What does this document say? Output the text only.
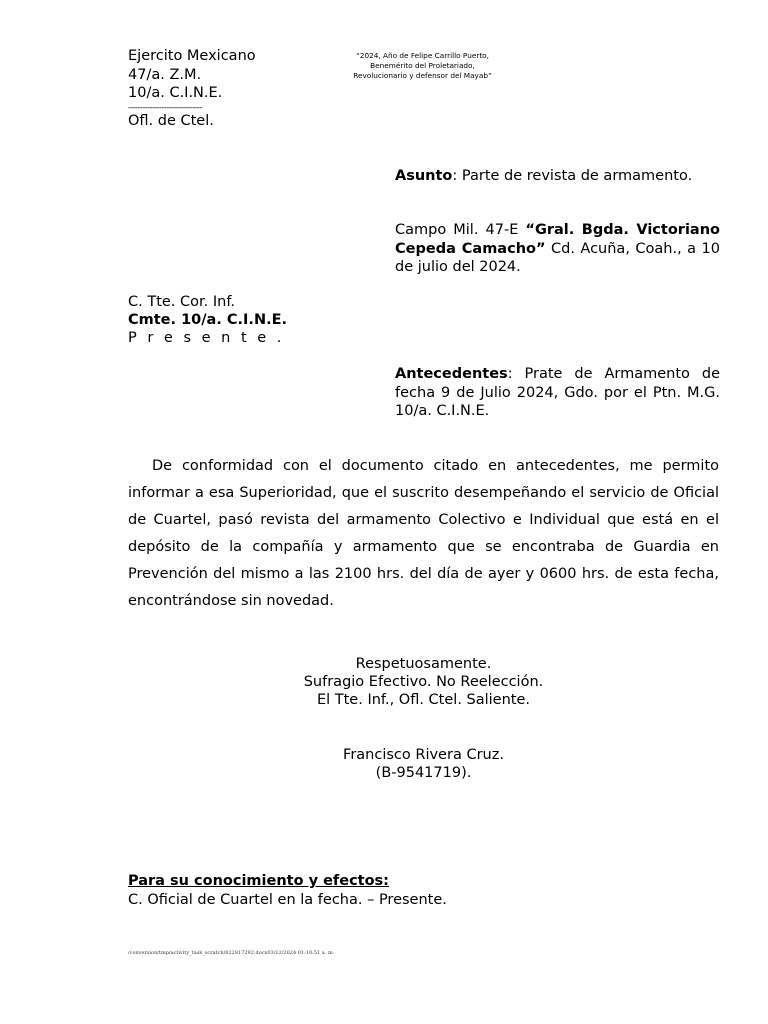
Ejercito Mexicano
47/a. Z.M.
10/a. C.I.N.E.
-------------------------------
Ofl. de Ctel.
“2024, Año de Felipe Carrillo Puerto,
Benemérito del Proletariado,
Revolucionario y defensor del Mayab”
Asunto: Parte de revista de armamento.
Campo Mil. 47-E “Gral. Bgda. Victoriano Cepeda Camacho” Cd. Acuña, Coah., a 10 de julio del 2024.
C. Tte. Cor. Inf.
Cmte. 10/a. C.I.N.E.
P r e s e n t e .
Antecedentes: Prate de Armamento de fecha 9 de Julio 2024, Gdo. por el Ptn. M.G. 10/a. C.I.N.E.
De conformidad con el documento citado en antecedentes, me permito informar a esa Superioridad, que el suscrito desempeñando el servicio de Oficial de Cuartel, pasó revista del armamento Colectivo e Individual que está en el depósito de la compañía y armamento que se encontraba de Guardia en Prevención del mismo a las 2100 hrs. del día de ayer y 0600 hrs. de esta fecha, encontrándose sin novedad.
Respetuosamente.
Sufragio Efectivo. No Reelección.
El Tte. Inf., Ofl. Ctel. Saliente.
Francisco Rivera Cruz.
(B-9541719).
Para su conocimiento y efectos:
C. Oficial de Cuartel en la fecha. – Presente.
/conversion/tmp/activity_task_scratch/822817292.docx03/12/2024 01:10:51 a. m.
